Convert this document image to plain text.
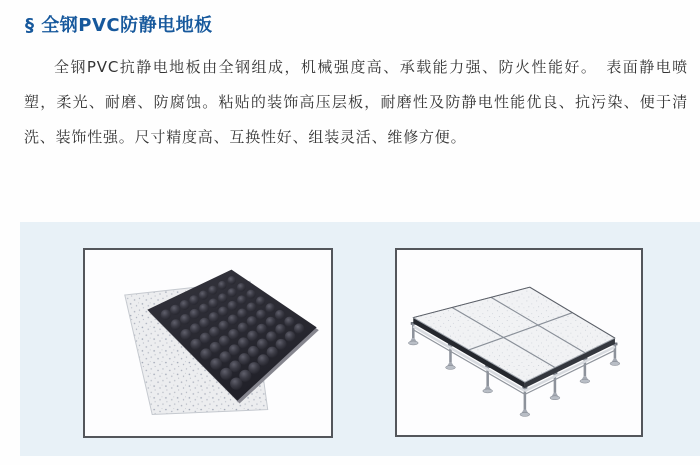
§ 全钢PVC防静电地板

全钢PVC抗静电地板由全钢组成，机械强度高、承载能力强、防火性能好。　表面静电喷塑，柔光、耐磨、防腐蚀。粘贴的装饰高压层板，耐磨性及防静电性能优良、抗污染、便于清洗、装饰性强。尺寸精度高、互换性好、组装灵活、维修方便。
